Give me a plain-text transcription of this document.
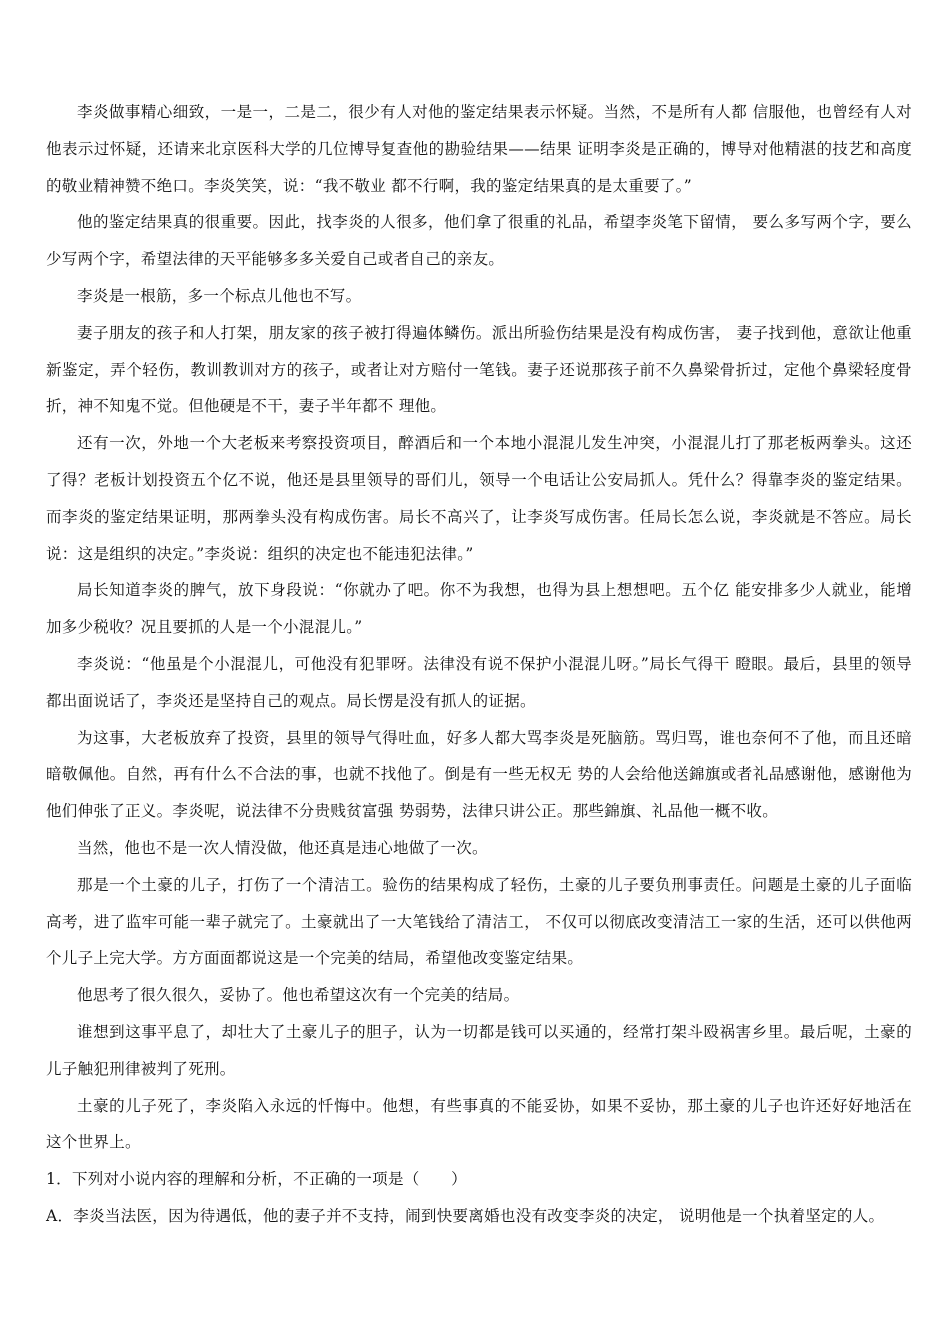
李炎做事精心细致，一是一，二是二，很少有人对他的鉴定结果表示怀疑。当然，不是所有人都 信服他，也曾经有人对他表示过怀疑，还请来北京医科大学的几位博导复查他的勘验结果——结果 证明李炎是正确的，博导对他精湛的技艺和高度的敬业精神赞不绝口。李炎笑笑，说：“我不敬业 都不行啊，我的鉴定结果真的是太重要了。”

他的鉴定结果真的很重要。因此，找李炎的人很多，他们拿了很重的礼品，希望李炎笔下留情， 要么多写两个字，要么少写两个字，希望法律的天平能够多多关爱自己或者自己的亲友。

李炎是一根筋，多一个标点儿他也不写。

妻子朋友的孩子和人打架，朋友家的孩子被打得遍体鳞伤。派出所验伤结果是没有构成伤害， 妻子找到他，意欲让他重新鉴定，弄个轻伤，教训教训对方的孩子，或者让对方赔付一笔钱。妻子还说那孩子前不久鼻梁骨折过，定他个鼻梁轻度骨折，神不知鬼不觉。但他硬是不干，妻子半年都不 理他。

还有一次，外地一个大老板来考察投资项目，醉酒后和一个本地小混混儿发生冲突，小混混儿打了那老板两拳头。这还了得？老板计划投资五个亿不说，他还是县里领导的哥们儿，领导一个电话让公安局抓人。凭什么？得靠李炎的鉴定结果。而李炎的鉴定结果证明，那两拳头没有构成伤害。局长不高兴了，让李炎写成伤害。任局长怎么说，李炎就是不答应。局长说：这是组织的决定。”李炎说：组织的决定也不能违犯法律。”

局长知道李炎的脾气，放下身段说：“你就办了吧。你不为我想，也得为县上想想吧。五个亿 能安排多少人就业，能增加多少税收？况且要抓的人是一个小混混儿。”

李炎说：“他虽是个小混混儿，可他没有犯罪呀。法律没有说不保护小混混儿呀。”局长气得干 瞪眼。最后，县里的领导都出面说话了，李炎还是坚持自己的观点。局长愣是没有抓人的证据。

为这事，大老板放弃了投资，县里的领导气得吐血，好多人都大骂李炎是死脑筋。骂归骂，谁也奈何不了他，而且还暗暗敬佩他。自然，再有什么不合法的事，也就不找他了。倒是有一些无权无 势的人会给他送錦旗或者礼品感谢他，感谢他为他们伸张了正义。李炎呢，说法律不分贵贱贫富强 势弱势，法律只讲公正。那些錦旗、礼品他一概不收。

当然，他也不是一次人情没做，他还真是违心地做了一次。

那是一个土豪的儿子，打伤了一个清洁工。验伤的结果构成了轻伤，土豪的儿子要负刑事责任。问题是土豪的儿子面临高考，进了监牢可能一辈子就完了。土豪就出了一大笔钱给了清洁工， 不仅可以彻底改变清洁工一家的生活，还可以供他两个儿子上完大学。方方面面都说这是一个完美的结局，希望他改变鉴定结果。

他思考了很久很久，妥协了。他也希望这次有一个完美的结局。

谁想到这事平息了，却壮大了土豪儿子的胆子，认为一切都是钱可以买通的，经常打架斗殴祸害乡里。最后呢，土豪的儿子触犯刑律被判了死刑。

土豪的儿子死了，李炎陷入永远的忏悔中。他想，有些事真的不能妥协，如果不妥协，那土豪的儿子也许还好好地活在这个世界上。

1．下列对小说内容的理解和分析，不正确的一项是（　　）

A．李炎当法医，因为待遇低，他的妻子并不支持，闹到快要离婚也没有改变李炎的决定， 说明他是一个执着坚定的人。
